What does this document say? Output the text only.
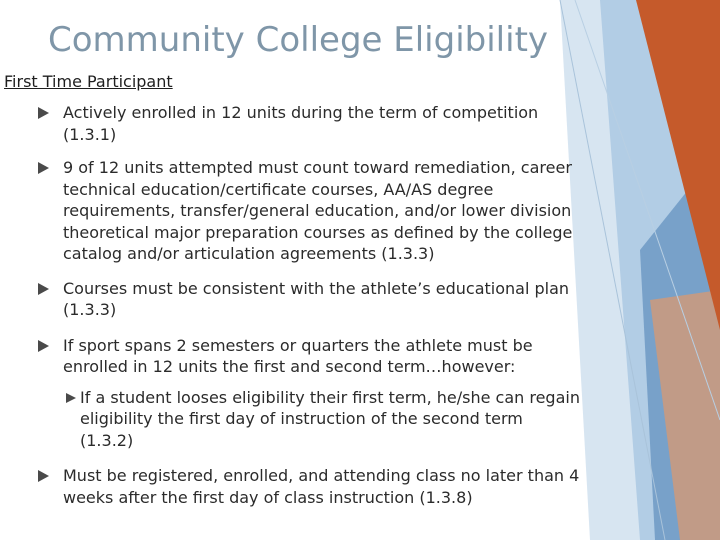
Community College Eligibility
First Time Participant
Actively enrolled in 12 units during the term of competition (1.3.1)
9 of 12 units attempted must count toward remediation, career technical education/certificate courses, AA/AS degree requirements, transfer/general education, and/or lower division theoretical major preparation courses as defined by the college catalog and/or articulation agreements (1.3.3)
Courses must be consistent with the athlete’s educational plan (1.3.3)
If sport spans 2 semesters or quarters the athlete must be enrolled in 12 units the first and second term…however:
If a student looses eligibility their first term, he/she can regain eligibility the first day of instruction of the second term (1.3.2)
Must be registered, enrolled, and attending class no later than 4 weeks after the first day of class instruction (1.3.8)
